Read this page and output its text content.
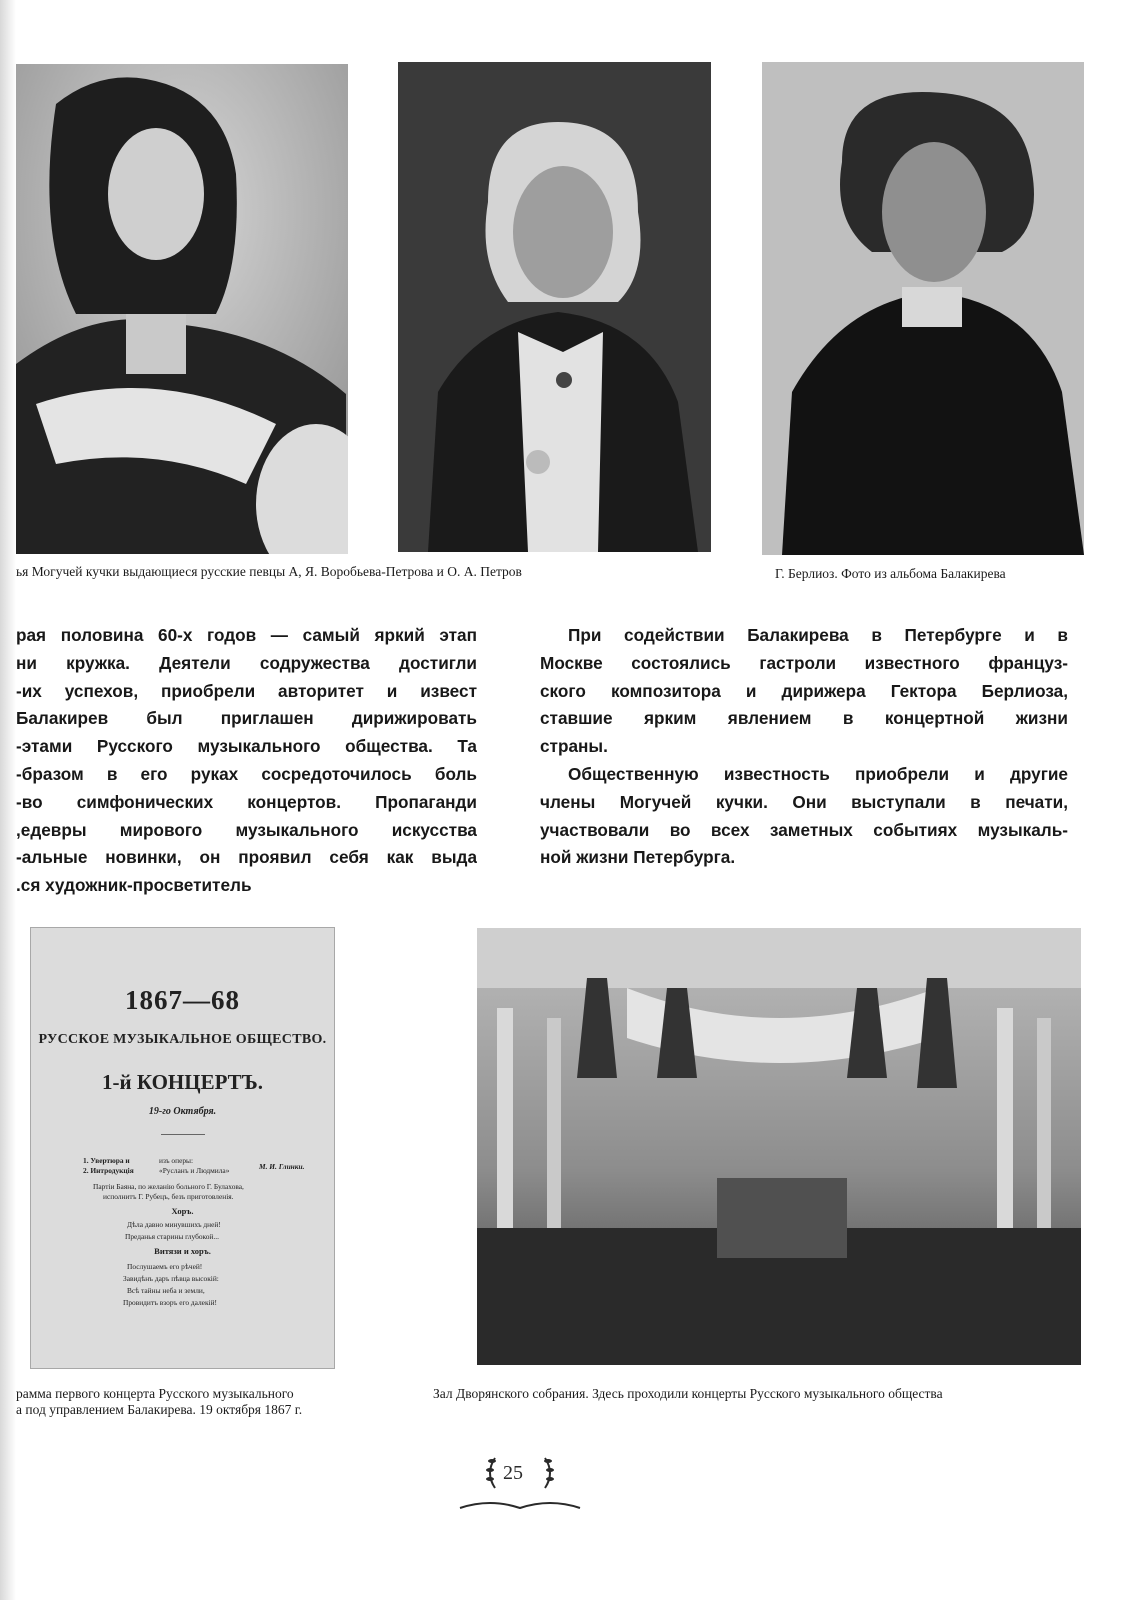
ья Могучей кучки выдающиеся русские певцы А, Я. Воробьева-Петрова и О. А. Петров	Г. Берлиоз. Фото из альбома Балакирева
рая половина 60-х годов — самый яркий этап
ни кружка. Деятели содружества достигли
их успехов, приобрели авторитет и извест-
Балакирев был приглашен дирижировать
этами Русского музыкального общества. Та-
бразом в его руках сосредоточилось боль-
во симфонических концертов. Пропаганди-
едевры мирового музыкального искусства,
альные новинки, он проявил себя как выда-
ся художник-просветитель.
При содействии Балакирева в Петербурге и в
Москве состоялись гастроли известного француз-
ского композитора и дирижера Гектора Берлиоза,
ставшие ярким явлением в концертной жизни
страны.
Общественную известность приобрели и другие
члены Могучей кучки. Они выступали в печати,
участвовали во всех заметных событиях музыкаль-
ной жизни Петербурга.
1867—68
РУССКОЕ МУЗЫКАЛЬНОЕ ОБЩЕСТВО.
1-й КОНЦЕРТЪ.
19-го Октября.
1. Увертюра и
2. Интродукція
изъ оперы:
«Русланъ и Людмила»	М. И. Глинки.
Партіи Баяна, по желанію больного Г. Булахова,
исполнитъ Г. Рубецъ, безъ приготовленія.
Хоръ.
Дѣла давно минувшихъ дней!
Преданья старины глубокой...
Витязи и хоръ.
Послушаемъ его рѣчей!
Завидѣнъ даръ пѣвца высокій:
Всѣ тайны неба и земли,
Провидитъ взоръ его далекій!
рамма первого концерта Русского музыкального
а под управлением Балакирева. 19 октября 1867 г.
Зал Дворянского собрания. Здесь проходили концерты Русского музыкального общества
25
